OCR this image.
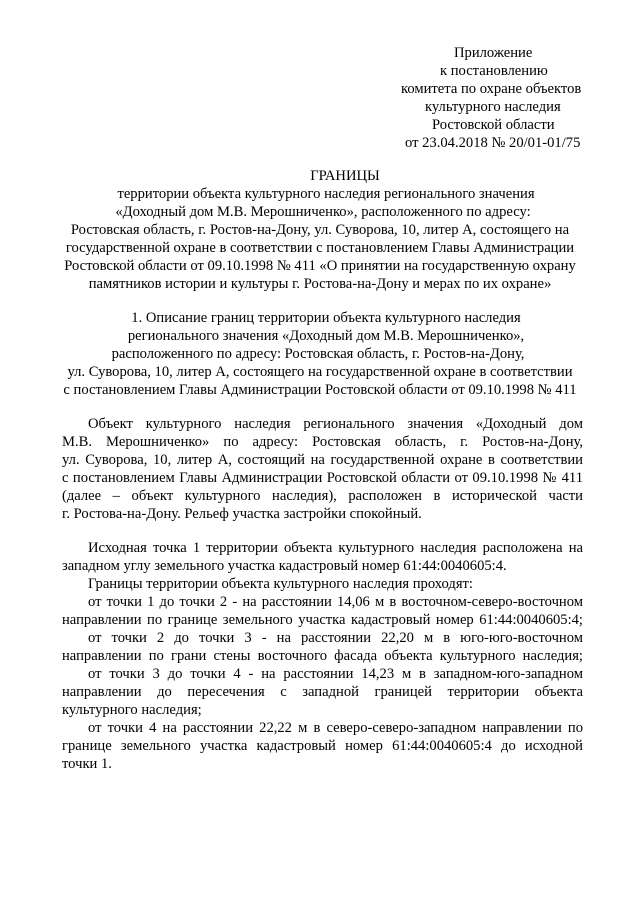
Приложение
к постановлению
комитета по охране объектов
культурного наследия
Ростовской области
от 23.04.2018 № 20/01-01/75
ГРАНИЦЫ
территории объекта культурного наследия регионального значения
«Доходный дом М.В. Мерошниченко», расположенного по адресу:
Ростовская область, г. Ростов-на-Дону, ул. Суворова, 10, литер А, состоящего на
государственной охране в соответствии с постановлением Главы Администрации
Ростовской области от 09.10.1998 № 411 «О принятии на государственную охрану
памятников истории и культуры г. Ростова-на-Дону и мерах по их охране»
1. Описание границ территории объекта культурного наследия
регионального значения «Доходный дом М.В. Мерошниченко»,
расположенного по адресу: Ростовская область, г. Ростов-на-Дону,
ул. Суворова, 10, литер А, состоящего на государственной охране в соответствии
с постановлением Главы Администрации Ростовской области от 09.10.1998 № 411
Объект культурного наследия регионального значения «Доходный дом
М.В. Мерошниченко» по адресу: Ростовская область, г. Ростов-на-Дону,
ул. Суворова, 10, литер А, состоящий на государственной охране в соответствии
с постановлением Главы Администрации Ростовской области от 09.10.1998 № 411
(далее – объект культурного наследия), расположен в исторической части
г. Ростова-на-Дону. Рельеф участка застройки спокойный.
Исходная точка 1 территории объекта культурного наследия расположена на
западном углу земельного участка кадастровый номер 61:44:0040605:4.
Границы территории объекта культурного наследия проходят:
от точки 1 до точки 2 - на расстоянии 14,06 м в восточном-северо-восточном
направлении по границе земельного участка кадастровый номер 61:44:0040605:4;
от точки 2 до точки 3 - на расстоянии 22,20 м в юго-юго-восточном
направлении по грани стены восточного фасада объекта культурного наследия;
от точки 3 до точки 4 - на расстоянии 14,23 м в западном-юго-западном
направлении до пересечения с западной границей территории объекта
культурного наследия;
от точки 4 на расстоянии 22,22 м в северо-северо-западном направлении по
границе земельного участка кадастровый номер 61:44:0040605:4 до исходной
точки 1.
